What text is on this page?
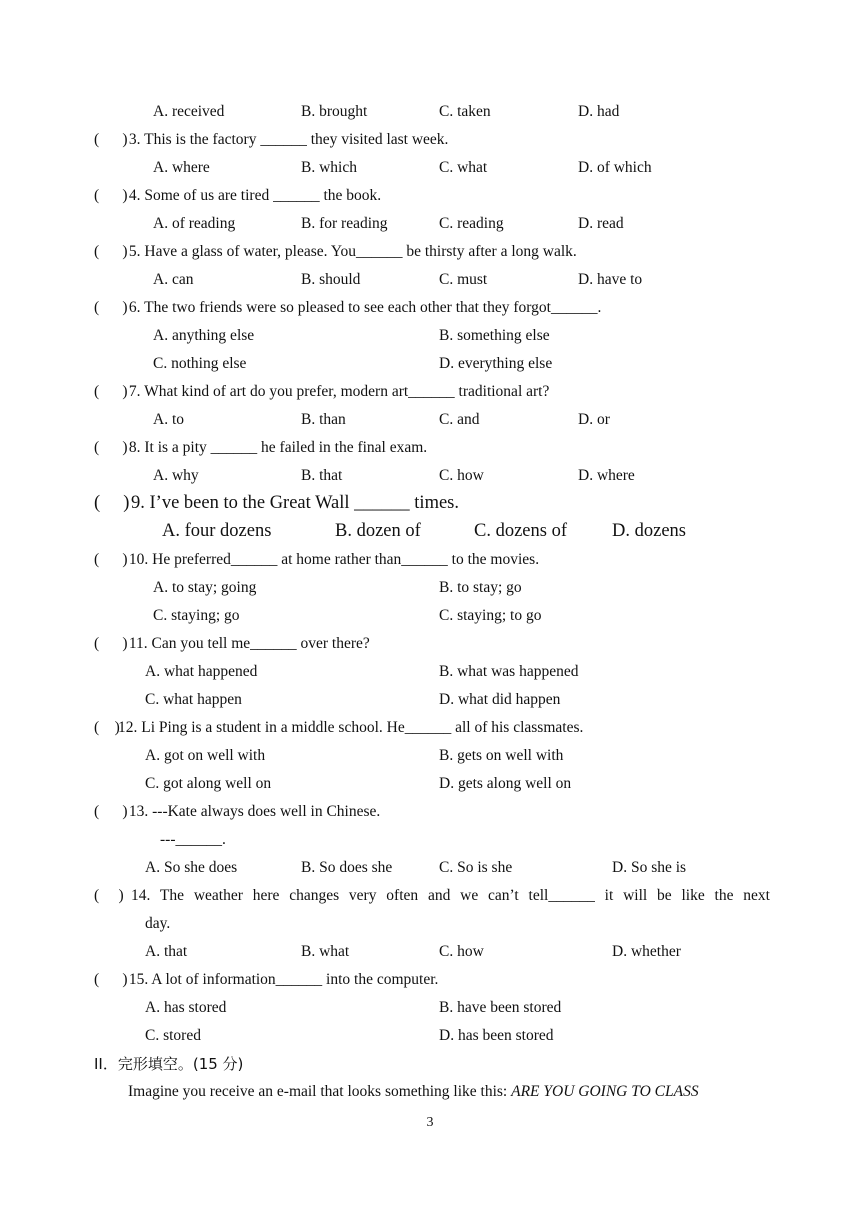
A. received	B. brought	C. taken	D. had
(      ) 3. This is the factory ______ they visited last week.
A. where	B. which	C. what	D. of which
(      ) 4. Some of us are tired ______ the book.
A. of reading	B. for reading	C. reading	D. read
(      ) 5. Have a glass of water, please. You______ be thirsty after a long walk.
A. can	B. should	C. must	D. have to
(      ) 6. The two friends were so pleased to see each other that they forgot______.
A. anything else	B. something else
C. nothing else	D. everything else
(      ) 7. What kind of art do you prefer, modern art______ traditional art?
A. to	B. than	C. and	D. or
(      ) 8. It is a pity ______ he failed in the final exam.
A. why	B. that	C. how	D. where
(     )9. I’ve been to the Great Wall ______ times.
A. four dozens	B. dozen of	C. dozens of D. dozens
(      ) 10. He preferred______ at home rather than______ to the movies.
A. to stay; going	B. to stay; go
C. staying; go	C. staying; to go
(      ) 11. Can you tell me______ over there?
A. what happened	B. what was happened
C. what happen	D. what did happen
(    )12. Li Ping is a student in a middle school. He______ all of his classmates.
A. got on well with	B. gets on well with
C. got along well on	D. gets along well on
(      ) 13. ---Kate always does well in Chinese.
---______.
A. So she does	B. So does she	C. So is she	D. So she is
(     ) 14. The weather here changes very often and we can’t tell______ it will be like the next
day.
A. that	B. what	C. how	D. whether
(      ) 15. A lot of information______ into the computer.
A. has stored	B. have been stored
C. stored	D. has been stored
II．完形填空。(15 分)
Imagine you receive an e-mail that looks something like this: ARE YOU GOING TO CLASS
3
